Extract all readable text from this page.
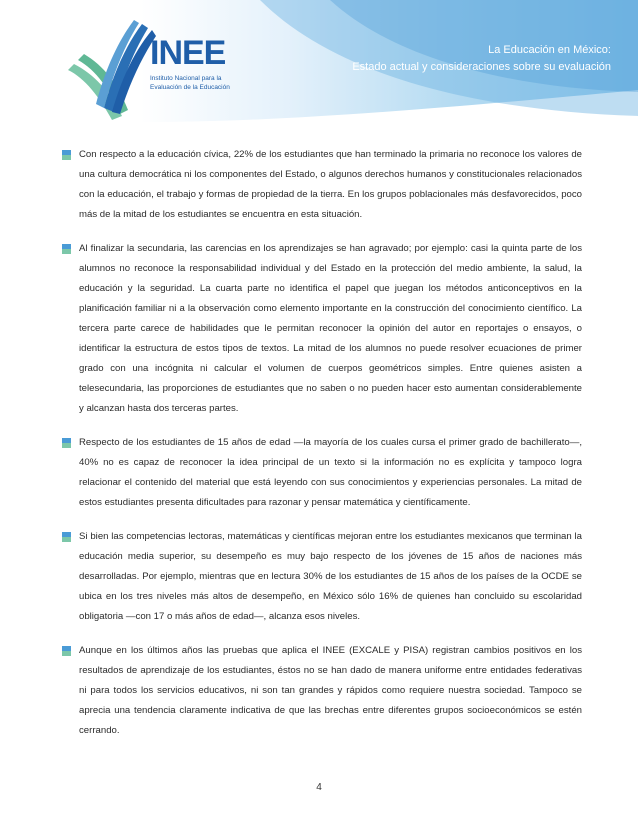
INEE
Instituto Nacional para la
Evaluación de la Educación
La Educación en México:
Estado actual y consideraciones sobre su evaluación

Con respecto a la educación cívica, 22% de los estudiantes que han terminado la primaria no reconoce los valores de una cultura democrática ni los componentes del Estado, o algunos derechos humanos y constitucionales relacionados con la educación, el trabajo y formas de propiedad de la tierra. En los grupos poblacionales más desfavorecidos, poco más de la mitad de los estudiantes se encuentra en esta situación.

Al finalizar la secundaria, las carencias en los aprendizajes se han agravado; por ejemplo: casi la quinta parte de los alumnos no reconoce la responsabilidad individual y del Estado en la protección del medio ambiente, la salud, la educación y la seguridad. La cuarta parte no identifica el papel que juegan los métodos anticonceptivos en la planificación familiar ni a la observación como elemento importante en la construcción del conocimiento científico. La tercera parte carece de habilidades que le permitan reconocer la opinión del autor en reportajes o ensayos, o identificar la estructura de estos tipos de textos. La mitad de los alumnos no puede resolver ecuaciones de primer grado con una incógnita ni calcular el volumen de cuerpos geométricos simples. Entre quienes asisten a telesecundaria, las proporciones de estudiantes que no saben o no pueden hacer esto aumentan considerablemente y alcanzan hasta dos terceras partes.

Respecto de los estudiantes de 15 años de edad —la mayoría de los cuales cursa el primer grado de bachillerato—, 40% no es capaz de reconocer la idea principal de un texto si la información no es explícita y tampoco logra relacionar el contenido del material que está leyendo con sus conocimientos y experiencias personales. La mitad de estos estudiantes presenta dificultades para razonar y pensar matemática y científicamente.

Si bien las competencias lectoras, matemáticas y científicas mejoran entre los estudiantes mexicanos que terminan la educación media superior, su desempeño es muy bajo respecto de los jóvenes de 15 años de naciones más desarrolladas. Por ejemplo, mientras que en lectura 30% de los estudiantes de 15 años de los países de la OCDE se ubica en los tres niveles más altos de desempeño, en México sólo 16% de quienes han concluido su escolaridad obligatoria —con 17 o más años de edad—, alcanza esos niveles.

Aunque en los últimos años las pruebas que aplica el INEE (EXCALE y PISA) registran cambios positivos en los resultados de aprendizaje de los estudiantes, éstos no se han dado de manera uniforme entre entidades federativas ni para todos los servicios educativos, ni son tan grandes y rápidos como requiere nuestra sociedad. Tampoco se aprecia una tendencia claramente indicativa de que las brechas entre diferentes grupos socioeconómicos se estén cerrando.

4
